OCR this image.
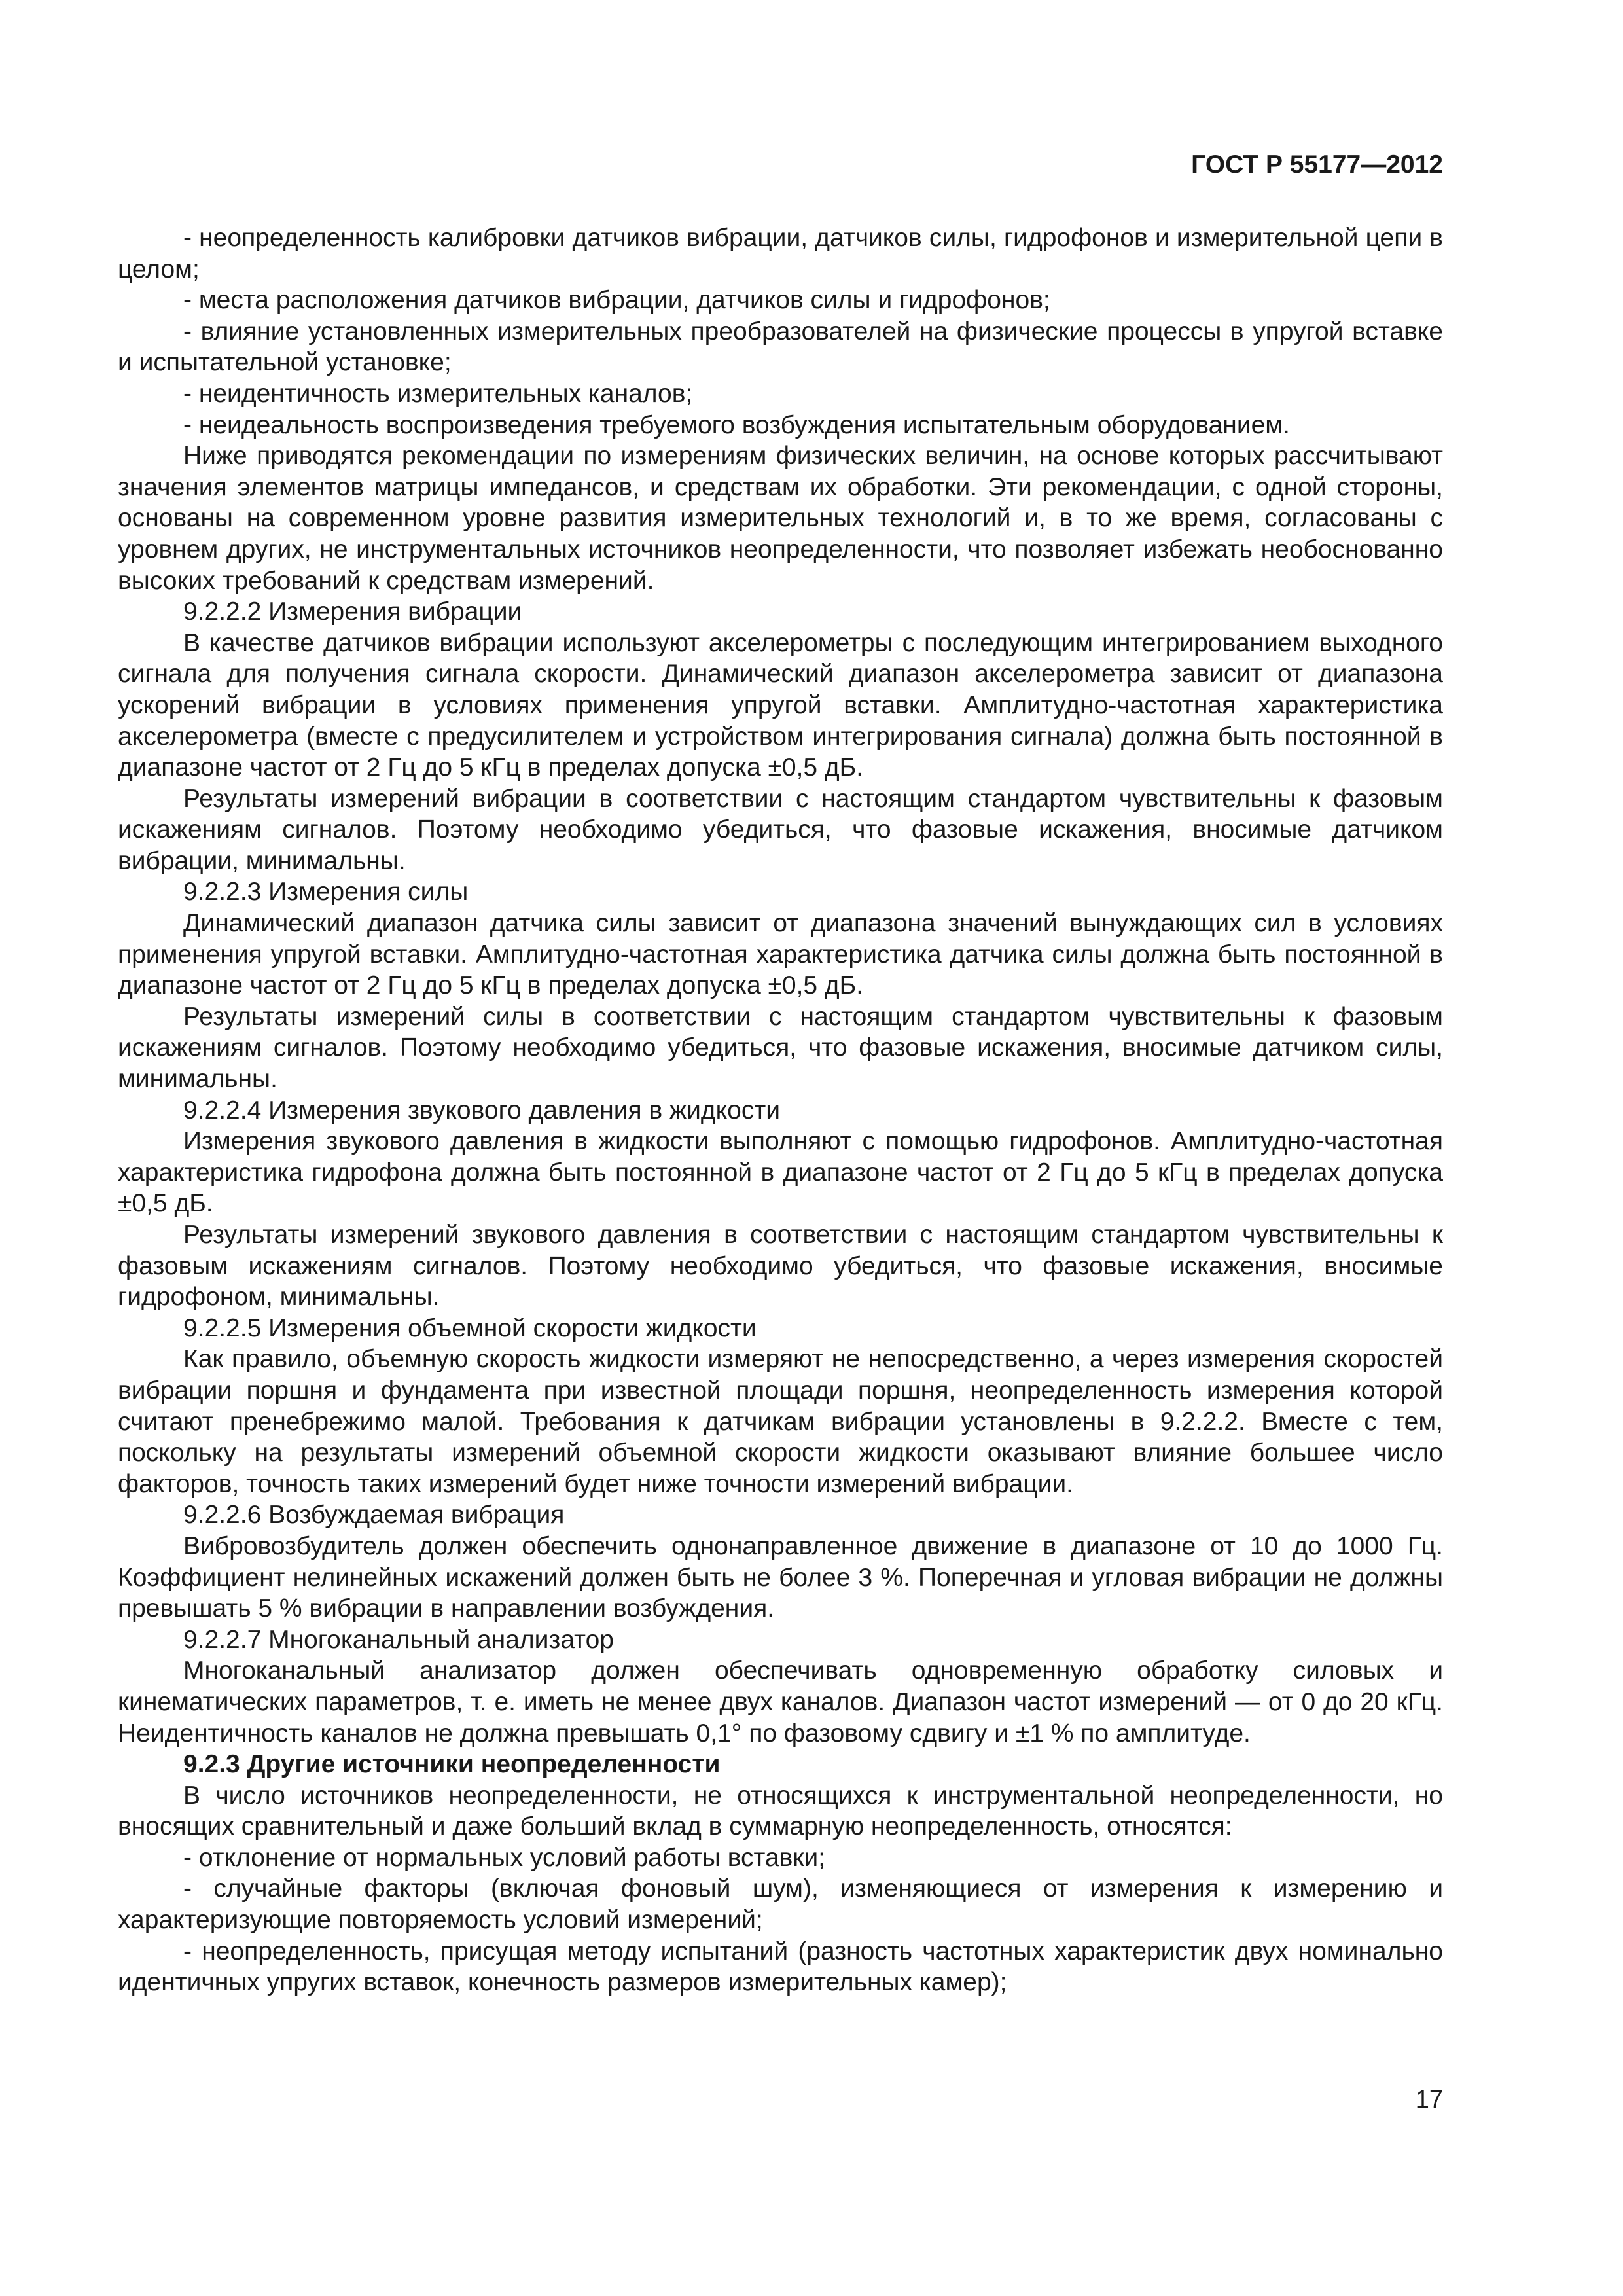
ГОСТ Р 55177—2012

- неопределенность калибровки датчиков вибрации, датчиков силы, гидрофонов и измерительной цепи в целом;

- места расположения датчиков вибрации, датчиков силы и гидрофонов;

- влияние установленных измерительных преобразователей на физические процессы в упругой вставке и испытательной установке;

- неидентичность измерительных каналов;

- неидеальность воспроизведения требуемого возбуждения испытательным оборудованием.

Ниже приводятся рекомендации по измерениям физических величин, на основе которых рассчитывают значения элементов матрицы импедансов, и средствам их обработки. Эти рекомендации, с одной стороны, основаны на современном уровне развития измерительных технологий и, в то же время, согласованы с уровнем других, не инструментальных источников неопределенности, что позволяет избежать необоснованно высоких требований к средствам измерений.

9.2.2.2 Измерения вибрации

В качестве датчиков вибрации используют акселерометры с последующим интегрированием выходного сигнала для получения сигнала скорости. Динамический диапазон акселерометра зависит от диапазона ускорений вибрации в условиях применения упругой вставки. Амплитудно-частотная характеристика акселерометра (вместе с предусилителем и устройством интегрирования сигнала) должна быть постоянной в диапазоне частот от 2 Гц до 5 кГц в пределах допуска ±0,5 дБ.

Результаты измерений вибрации в соответствии с настоящим стандартом чувствительны к фазовым искажениям сигналов. Поэтому необходимо убедиться, что фазовые искажения, вносимые датчиком вибрации, минимальны.

9.2.2.3 Измерения силы

Динамический диапазон датчика силы зависит от диапазона значений вынуждающих сил в условиях применения упругой вставки. Амплитудно-частотная характеристика датчика силы должна быть постоянной в диапазоне частот от 2 Гц до 5 кГц в пределах допуска ±0,5 дБ.

Результаты измерений силы в соответствии с настоящим стандартом чувствительны к фазовым искажениям сигналов. Поэтому необходимо убедиться, что фазовые искажения, вносимые датчиком силы, минимальны.

9.2.2.4 Измерения звукового давления в жидкости

Измерения звукового давления в жидкости выполняют с помощью гидрофонов. Амплитудно-частотная характеристика гидрофона должна быть постоянной в диапазоне частот от 2 Гц до 5 кГц в пределах допуска ±0,5 дБ.

Результаты измерений звукового давления в соответствии с настоящим стандартом чувствительны к фазовым искажениям сигналов. Поэтому необходимо убедиться, что фазовые искажения, вносимые гидрофоном, минимальны.

9.2.2.5 Измерения объемной скорости жидкости

Как правило, объемную скорость жидкости измеряют не непосредственно, а через измерения скоростей вибрации поршня и фундамента при известной площади поршня, неопределенность измерения которой считают пренебрежимо малой. Требования к датчикам вибрации установлены в 9.2.2.2. Вместе с тем, поскольку на результаты измерений объемной скорости жидкости оказывают влияние большее число факторов, точность таких измерений будет ниже точности измерений вибрации.

9.2.2.6 Возбуждаемая вибрация

Вибровозбудитель должен обеспечить однонаправленное движение в диапазоне от 10 до 1000 Гц. Коэффициент нелинейных искажений должен быть не более 3 %. Поперечная и угловая вибрации не должны превышать 5 % вибрации в направлении возбуждения.

9.2.2.7 Многоканальный анализатор

Многоканальный анализатор должен обеспечивать одновременную обработку силовых и кинематических параметров, т. е. иметь не менее двух каналов. Диапазон частот измерений — от 0 до 20 кГц. Неидентичность каналов не должна превышать 0,1° по фазовому сдвигу и ±1 % по амплитуде.

9.2.3 Другие источники неопределенности

В число источников неопределенности, не относящихся к инструментальной неопределенности, но вносящих сравнительный и даже больший вклад в суммарную неопределенность, относятся:

- отклонение от нормальных условий работы вставки;

- случайные факторы (включая фоновый шум), изменяющиеся от измерения к измерению и характеризующие повторяемость условий измерений;

- неопределенность, присущая методу испытаний (разность частотных характеристик двух номинально идентичных упругих вставок, конечность размеров измерительных камер);

17
